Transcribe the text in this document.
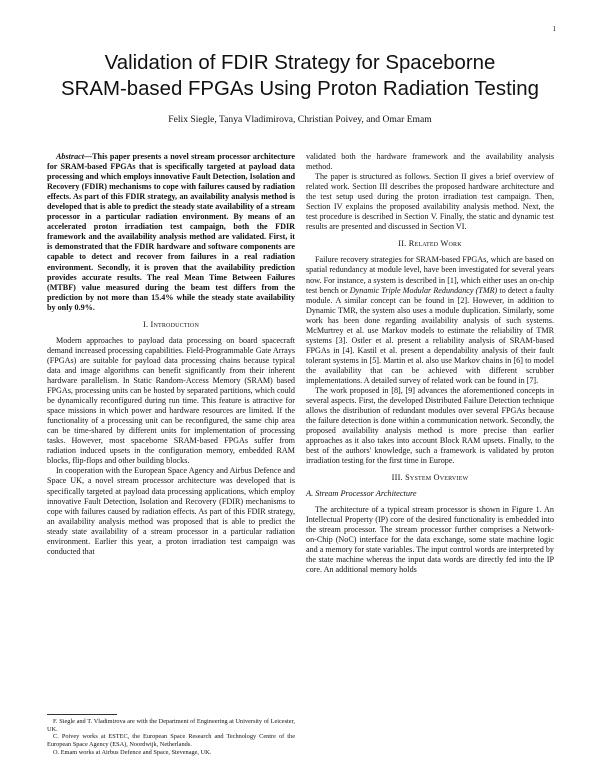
1
Validation of FDIR Strategy for Spaceborne
SRAM-based FPGAs Using Proton Radiation Testing
Felix Siegle, Tanya Vladimirova, Christian Poivey, and Omar Emam

Abstract—This paper presents a novel stream processor architecture for SRAM-based FPGAs that is specifically targeted at payload data processing and which employs innovative Fault Detection, Isolation and Recovery (FDIR) mechanisms to cope with failures caused by radiation effects. As part of this FDIR strategy, an availability analysis method is developed that is able to predict the steady state availability of a stream processor in a particular radiation environment. By means of an accelerated proton irradiation test campaign, both the FDIR framework and the availability analysis method are validated. First, it is demonstrated that the FDIR hardware and software components are capable to detect and recover from failures in a real radiation environment. Secondly, it is proven that the availability prediction provides accurate results. The real Mean Time Between Failures (MTBF) value measured during the beam test differs from the prediction by not more than 15.4% while the steady state availability by only 0.9%.

I. Introduction

Modern approaches to payload data processing on board spacecraft demand increased processing capabilities. Field-Programmable Gate Arrays (FPGAs) are suitable for payload data processing chains because typical data and image algorithms can benefit significantly from their inherent hardware parallelism. In Static Random-Access Memory (SRAM) based FPGAs, processing units can be hosted by separated partitions, which could be dynamically reconfigured during run time. This feature is attractive for space missions in which power and hardware resources are limited. If the functionality of a processing unit can be reconfigured, the same chip area can be time-shared by different units for implementation of processing tasks. However, most spaceborne SRAM-based FPGAs suffer from radiation induced upsets in the configuration memory, embedded RAM blocks, flip-flops and other building blocks.

In cooperation with the European Space Agency and Airbus Defence and Space UK, a novel stream processor architecture was developed that is specifically targeted at payload data processing applications, which employ innovative Fault Detection, Isolation and Recovery (FDIR) mechanisms to cope with failures caused by radiation effects. As part of this FDIR strategy, an availability analysis method was proposed that is able to predict the steady state availability of a stream processor in a particular radiation environment. Earlier this year, a proton irradiation test campaign was conducted that

validated both the hardware framework and the availability analysis method.

The paper is structured as follows. Section II gives a brief overview of related work. Section III describes the proposed hardware architecture and the test setup used during the proton irradiation test campaign. Then, Section IV explains the proposed availability analysis method. Next, the test procedure is described in Section V. Finally, the static and dynamic test results are presented and discussed in Section VI.

II. Related Work

Failure recovery strategies for SRAM-based FPGAs, which are based on spatial redundancy at module level, have been investigated for several years now. For instance, a system is described in [1], which either uses an on-chip test bench or Dynamic Triple Modular Redundancy (TMR) to detect a faulty module. A similar concept can be found in [2]. However, in addition to Dynamic TMR, the system also uses a module duplication. Similarly, some work has been done regarding availability analysis of such systems. McMurtrey et al. use Markov models to estimate the reliability of TMR systems [3]. Ostler et al. present a reliability analysis of SRAM-based FPGAs in [4]. Kastil et al. present a dependability analysis of their fault tolerant systems in [5]. Martin et al. also use Markov chains in [6] to model the availability that can be achieved with different scrubber implementations. A detailed survey of related work can be found in [7].

The work proposed in [8], [9] advances the aforementioned concepts in several aspects. First, the developed Distributed Failure Detection technique allows the distribution of redundant modules over several FPGAs because the failure detection is done within a communication network. Secondly, the proposed availability analysis method is more precise than earlier approaches as it also takes into account Block RAM upsets. Finally, to the best of the authors' knowledge, such a framework is validated by proton irradiation testing for the first time in Europe.

III. System Overview
A. Stream Processor Architecture

The architecture of a typical stream processor is shown in Figure 1. An Intellectual Property (IP) core of the desired functionality is embedded into the stream processor. The stream processor further comprises a Network-on-Chip (NoC) interface for the data exchange, some state machine logic and a memory for state variables. The input control words are interpreted by the state machine whereas the input data words are directly fed into the IP core. An additional memory holds

F. Siegle and T. Vladimirova are with the Department of Engineering at University of Leicester, UK.

C. Poivey works at ESTEC, the European Space Research and Technology Centre of the European Space Agency (ESA), Noordwijk, Netherlands.

O. Emam works at Airbus Defence and Space, Stevenage, UK.
